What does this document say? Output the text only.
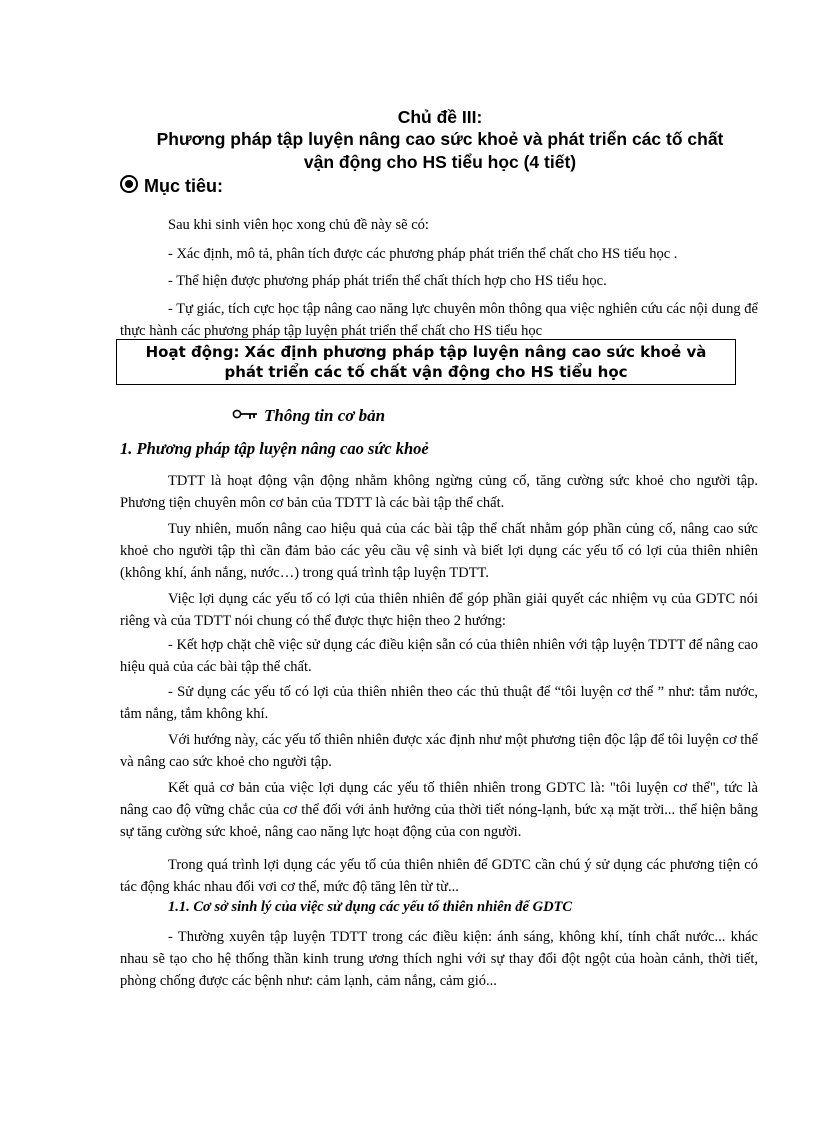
Chủ đề III:
Phương pháp tập luyện nâng cao sức khoẻ và phát triển các tố chất
vận động cho HS tiểu học (4 tiết)
Mục tiêu:

Sau khi sinh viên học xong chủ đề này sẽ có:

- Xác định, mô tả, phân tích được các phương pháp phát triển thể chất cho HS tiểu học .

- Thể hiện được phương pháp phát triển thể chất thích hợp cho HS tiểu học.

- Tự giác, tích cực học tập nâng cao năng lực chuyên môn thông qua việc nghiên cứu các nội dung để thực hành các phương pháp tập luyện phát triển thể chất cho HS tiểu học

Hoạt động: Xác định phương pháp tập luyện nâng cao sức khoẻ và
phát triển các tố chất vận động cho HS tiểu học
Thông tin cơ bản
1. Phương pháp tập luyện nâng cao sức khoẻ

TDTT là hoạt động vận động nhằm không ngừng củng cố, tăng cường sức khoẻ cho người tập. Phương tiện chuyên môn cơ bản của TDTT là các bài tập thể chất.

Tuy nhiên, muốn nâng cao hiệu quả của các bài tập thể chất nhằm góp phần củng cố, nâng cao sức khoẻ cho người tập thì cần đảm bảo các yêu cầu vệ sinh và biết lợi dụng các yếu tố có lợi của thiên nhiên (không khí, ánh nắng, nước…) trong quá trình tập luyện TDTT.

Việc lợi dụng các yếu tố có lợi của thiên nhiên để góp phần giải quyết các nhiệm vụ của GDTC nói riêng và của TDTT nói chung có thể được thực hiện theo 2 hướng:

- Kết hợp chặt chẽ việc sử dụng các điều kiện sẵn có của thiên nhiên với tập luyện TDTT để nâng cao hiệu quả của các bài tập thể chất.

- Sử dụng các yếu tố có lợi của thiên nhiên theo các thủ thuật để “tôi luyện cơ thể ” như: tắm nước, tắm nắng, tắm không khí.

Với hướng này, các yếu tố thiên nhiên được xác định như một phương tiện độc lập để tôi luyện cơ thể và nâng cao sức khoẻ cho người tập.

Kết quả cơ bản của việc lợi dụng các yếu tố thiên nhiên trong GDTC là: "tôi luyện cơ thể", tức là nâng cao độ vững chắc của cơ thể đối với ảnh hưởng của thời tiết nóng-lạnh, bức xạ mặt trời... thể hiện bằng sự tăng cường sức khoẻ, nâng cao năng lực hoạt động của con người.

Trong quá trình lợi dụng các yếu tố của thiên nhiên để GDTC cần chú ý sử dụng các phương tiện có tác động khác nhau đối vơi cơ thể, mức độ tăng lên từ từ...

1.1. Cơ sở sinh lý của việc sử dụng các yếu tố thiên nhiên để GDTC

- Thường xuyên tập luyện TDTT trong các điều kiện: ánh sáng, không khí, tính chất nước... khác nhau sẽ tạo cho hệ thống thần kinh trung ương thích nghi với sự thay đổi đột ngột của hoàn cảnh, thời tiết, phòng chống được các bệnh như: cảm lạnh, cảm nắng, cảm gió...
